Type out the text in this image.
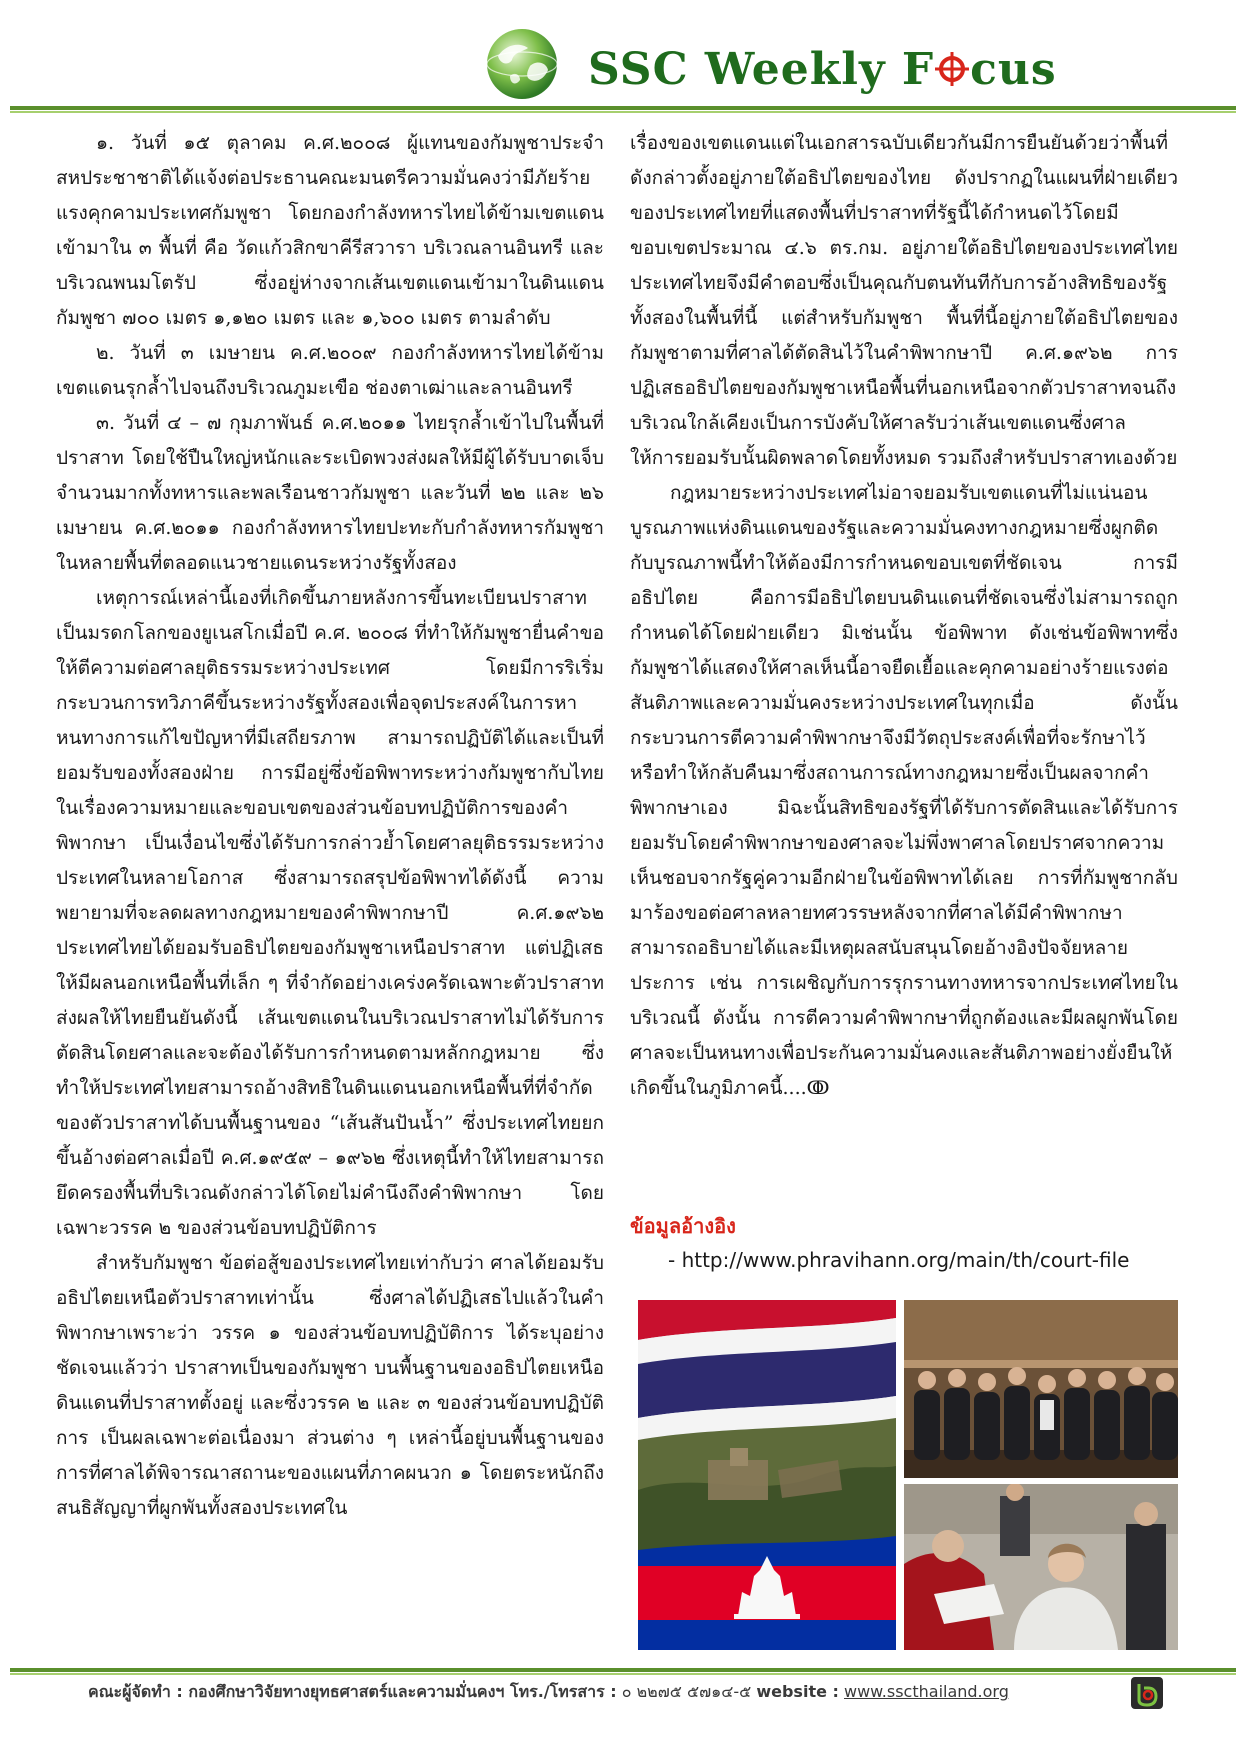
SSC Weekly F cus

๑. วันที่ ๑๕ ตุลาคม ค.ศ.๒๐๐๘ ผู้แทนของกัมพูชาประจำสหประชาชาติได้แจ้งต่อประธานคณะมนตรีความมั่นคงว่ามีภัยร้ายแรงคุกคามประเทศกัมพูชา โดยกองกำลังทหารไทยได้ข้ามเขตแดนเข้ามาใน ๓ พื้นที่ คือ วัดแก้วสิกขาคีรีสวารา บริเวณลานอินทรี และบริเวณพนมโตรัป ซึ่งอยู่ห่างจากเส้นเขตแดนเข้ามาในดินแดนกัมพูชา ๗๐๐ เมตร ๑,๑๒๐ เมตร และ ๑,๖๐๐ เมตร ตามลำดับ

๒. วันที่ ๓ เมษายน ค.ศ.๒๐๐๙ กองกำลังทหารไทยได้ข้ามเขตแดนรุกล้ำไปจนถึงบริเวณภูมะเขือ ช่องตาเฒ่าและลานอินทรี

๓. วันที่ ๔ – ๗ กุมภาพันธ์ ค.ศ.๒๐๑๑ ไทยรุกล้ำเข้าไปในพื้นที่ปราสาท โดยใช้ปืนใหญ่หนักและระเบิดพวงส่งผลให้มีผู้ได้รับบาดเจ็บจำนวนมากทั้งทหารและพลเรือนชาวกัมพูชา และวันที่ ๒๒ และ ๒๖ เมษายน ค.ศ.๒๐๑๑ กองกำลังทหารไทยปะทะกับกำลังทหารกัมพูชาในหลายพื้นที่ตลอดแนวชายแดนระหว่างรัฐทั้งสอง

เหตุการณ์เหล่านี้เองที่เกิดขึ้นภายหลังการขึ้นทะเบียนปราสาทเป็นมรดกโลกของยูเนสโกเมื่อปี ค.ศ. ๒๐๐๘ ที่ทำให้กัมพูชายื่นคำขอให้ตีความต่อศาลยุติธรรมระหว่างประเทศ โดยมีการริเริ่มกระบวนการทวิภาคีขึ้นระหว่างรัฐทั้งสองเพื่อจุดประสงค์ในการหาหนทางการแก้ไขปัญหาที่มีเสถียรภาพ สามารถปฏิบัติได้และเป็นที่ยอมรับของทั้งสองฝ่าย การมีอยู่ซึ่งข้อพิพาทระหว่างกัมพูชากับไทยในเรื่องความหมายและขอบเขตของส่วนข้อบทปฏิบัติการของคำพิพากษา เป็นเงื่อนไขซึ่งได้รับการกล่าวย้ำโดยศาลยุติธรรมระหว่างประเทศในหลายโอกาส ซึ่งสามารถสรุปข้อพิพาทได้ดังนี้ ความพยายามที่จะลดผลทางกฎหมายของคำพิพากษาปี ค.ศ.๑๙๖๒ ประเทศไทยได้ยอมรับอธิปไตยของกัมพูชาเหนือปราสาท แต่ปฏิเสธให้มีผลนอกเหนือพื้นที่เล็ก ๆ ที่จำกัดอย่างเคร่งครัดเฉพาะตัวปราสาท ส่งผลให้ไทยยืนยันดังนี้ เส้นเขตแดนในบริเวณปราสาทไม่ได้รับการตัดสินโดยศาลและจะต้องได้รับการกำหนดตามหลักกฎหมาย ซึ่งทำให้ประเทศไทยสามารถอ้างสิทธิในดินแดนนอกเหนือพื้นที่ที่จำกัดของตัวปราสาทได้บนพื้นฐานของ “เส้นสันปันน้ำ” ซึ่งประเทศไทยยกขึ้นอ้างต่อศาลเมื่อปี ค.ศ.๑๙๕๙ – ๑๙๖๒ ซึ่งเหตุนี้ทำให้ไทยสามารถยึดครองพื้นที่บริเวณดังกล่าวได้โดยไม่คำนึงถึงคำพิพากษา โดยเฉพาะวรรค ๒ ของส่วนข้อบทปฏิบัติการ

สำหรับกัมพูชา ข้อต่อสู้ของประเทศไทยเท่ากับว่า ศาลได้ยอมรับอธิปไตยเหนือตัวปราสาทเท่านั้น ซึ่งศาลได้ปฏิเสธไปแล้วในคำพิพากษาเพราะว่า วรรค ๑ ของส่วนข้อบทปฏิบัติการ ได้ระบุอย่างชัดเจนแล้วว่า ปราสาทเป็นของกัมพูชา บนพื้นฐานของอธิปไตยเหนือดินแดนที่ปราสาทตั้งอยู่ และซึ่งวรรค ๒ และ ๓ ของส่วนข้อบทปฏิบัติการ เป็นผลเฉพาะต่อเนื่องมา ส่วนต่าง ๆ เหล่านี้อยู่บนพื้นฐานของการที่ศาลได้พิจารณาสถานะของแผนที่ภาคผนวก ๑ โดยตระหนักถึงสนธิสัญญาที่ผูกพันทั้งสองประเทศใน

เรื่องของเขตแดนแต่ในเอกสารฉบับเดียวกันมีการยืนยันด้วยว่าพื้นที่ดังกล่าวตั้งอยู่ภายใต้อธิปไตยของไทย ดังปรากฏในแผนที่ฝ่ายเดียวของประเทศไทยที่แสดงพื้นที่ปราสาทที่รัฐนี้ได้กำหนดไว้โดยมีขอบเขตประมาณ ๔.๖ ตร.กม. อยู่ภายใต้อธิปไตยของประเทศไทย ประเทศไทยจึงมีคำตอบซึ่งเป็นคุณกับตนทันทีกับการอ้างสิทธิของรัฐทั้งสองในพื้นที่นี้ แต่สำหรับกัมพูชา พื้นที่นี้อยู่ภายใต้อธิปไตยของกัมพูชาตามที่ศาลได้ตัดสินไว้ในคำพิพากษาปี ค.ศ.๑๙๖๒ การปฏิเสธอธิปไตยของกัมพูชาเหนือพื้นที่นอกเหนือจากตัวปราสาทจนถึงบริเวณใกล้เคียงเป็นการบังคับให้ศาลรับว่าเส้นเขตแดนซึ่งศาลให้การยอมรับนั้นผิดพลาดโดยทั้งหมด รวมถึงสำหรับปราสาทเองด้วย

กฎหมายระหว่างประเทศไม่อาจยอมรับเขตแดนที่ไม่แน่นอน บูรณภาพแห่งดินแดนของรัฐและความมั่นคงทางกฎหมายซึ่งผูกติดกับบูรณภาพนี้ทำให้ต้องมีการกำหนดขอบเขตที่ชัดเจน การมีอธิปไตย คือการมีอธิปไตยบนดินแดนที่ชัดเจนซึ่งไม่สามารถถูกกำหนดได้โดยฝ่ายเดียว มิเช่นนั้น ข้อพิพาท ดังเช่นข้อพิพาทซึ่งกัมพูชาได้แสดงให้ศาลเห็นนี้อาจยืดเยื้อและคุกคามอย่างร้ายแรงต่อสันติภาพและความมั่นคงระหว่างประเทศในทุกเมื่อ ดังนั้น กระบวนการตีความคำพิพากษาจึงมีวัตถุประสงค์เพื่อที่จะรักษาไว้หรือทำให้กลับคืนมาซึ่งสถานการณ์ทางกฎหมายซึ่งเป็นผลจากคำพิพากษาเอง มิฉะนั้นสิทธิของรัฐที่ได้รับการตัดสินและได้รับการยอมรับโดยคำพิพากษาของศาลจะไม่พึ่งพาศาลโดยปราศจากความเห็นชอบจากรัฐคู่ความอีกฝ่ายในข้อพิพาทได้เลย การที่กัมพูชากลับมาร้องขอต่อศาลหลายทศวรรษหลังจากที่ศาลได้มีคำพิพากษาสามารถอธิบายได้และมีเหตุผลสนับสนุนโดยอ้างอิงปัจจัยหลายประการ เช่น การเผชิญกับการรุกรานทางทหารจากประเทศไทยในบริเวณนี้ ดังนั้น การตีความคำพิพากษาที่ถูกต้องและมีผลผูกพันโดยศาลจะเป็นหนทางเพื่อประกันความมั่นคงและสันติภาพอย่างยั่งยืนให้เกิดขึ้นในภูมิภาคนี้....ↂ

ข้อมูลอ้างอิง
- http://www.phravihann.org/main/th/court-file
คณะผู้จัดทำ : กองศึกษาวิจัยทางยุทธศาสตร์และความมั่นคงฯ โทร./โทรสาร : ๐ ๒๒๗๕ ๕๗๑๔-๕ website : www.sscthailand.org
